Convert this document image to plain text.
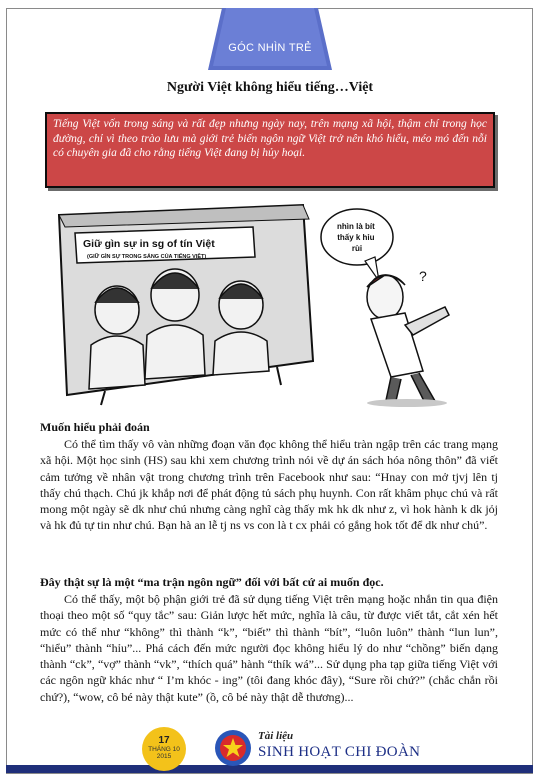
GÓC NHÌN TRẺ
Người Việt không hiểu tiếng…Việt
Tiếng Việt vốn trong sáng và rất đẹp nhưng ngày nay, trên mạng xã hội, thậm chí trong học đường, chỉ vì theo trào lưu mà giới trẻ biến ngôn ngữ Việt trở nên khó hiểu, méo mó đến nỗi có chuyên gia đã cho rằng tiếng Việt đang bị hủy hoại.
Giữ gìn sự in sg of tín Việt
(GIỮ GÌN SỰ TRONG SÁNG CỦA TIẾNG VIỆT)
nhìn là bít thấy k hỉu rùi
?
Muốn hiểu phải đoán

Có thể tìm thấy vô vàn những đoạn văn đọc không thể hiểu tràn ngập trên các trang mạng xã hội. Một học sinh (HS) sau khi xem chương trình nói về dự án sách hóa nông thôn” đã viết cảm tưởng về nhân vật trong chương trình trên Facebook như sau: “Hnay con mở tjvj lên tj thấy chú thạch. Chú jk khắp nơi để phát động tủ sách phụ huynh. Con rất khâm phục chú và rất mong một ngày sẽ dk như chú nhưng càng nghĩ càg thấy mk hk dk như z, vì hok hành k dk jỏj và hk đủ tự tin như chú. Bạn hà an lễ tj ns vs con là t cx phải có gắng hok tốt để dk như chú”.

Đây thật sự là một “ma trận ngôn ngữ” đối với bất cứ ai muốn đọc.

Có thể thấy, một bộ phận giới trẻ đã sử dụng tiếng Việt trên mạng hoặc nhắn tin qua điện thoại theo một số “quy tắc” sau: Giản lược hết mức, nghĩa là câu, từ được viết tắt, cắt xén hết mức có thể như “không” thì thành “k”, “biết” thì thành “bít”, “luôn luôn” thành “lun lun”, “hiểu” thành “hỉu”... Phá cách đến mức người đọc không hiểu lý do như “chồng” biến dạng thành “ck”, “vợ” thành “vk”, “thích quá” hành “thík wá”... Sử dụng pha tạp giữa tiếng Việt với các ngôn ngữ khác như “ I’m khóc - ing” (tôi đang khóc đây), “Sure rồi chứ?” (chắc chắn rồi chứ?), “wow, cô bé này thật kute” (ồ, cô bé này thật dễ thương)...

17
THÁNG 10
2015
Tài liệu
SINH HOẠT CHI ĐOÀN
